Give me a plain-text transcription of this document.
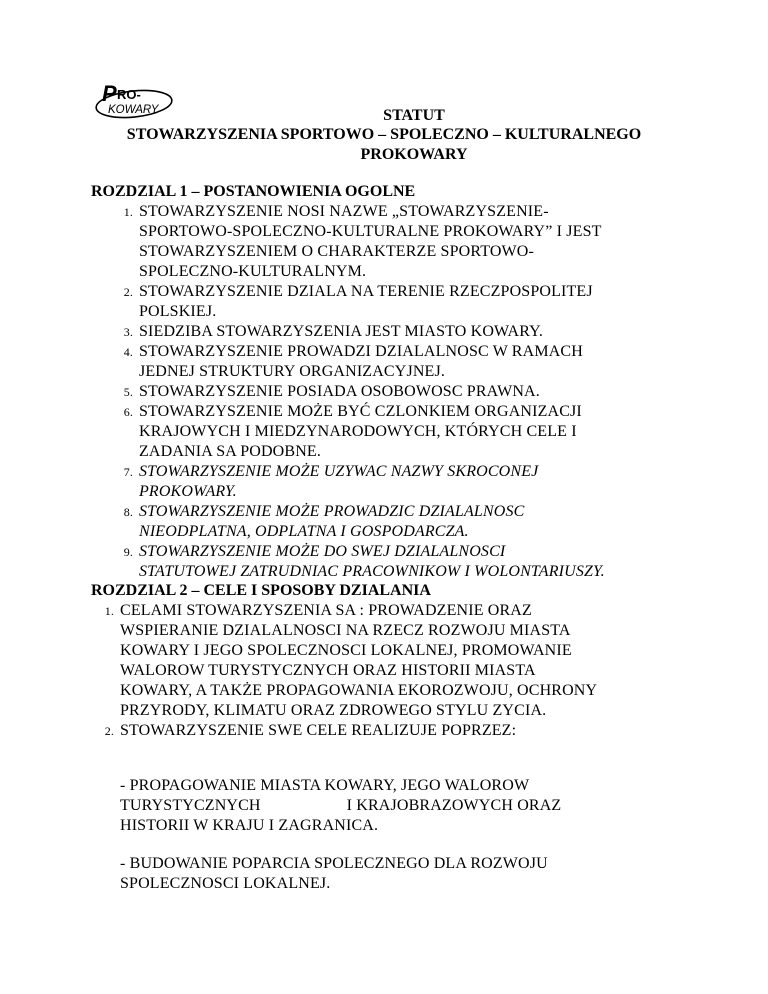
P RO-
KOWARY	STATUT
STOWARZYSZENIA SPORTOWO – SPOLECZNO – KULTURALNEGO
PROKOWARY
ROZDZIAL 1 – POSTANOWIENIA OGOLNE
1. STOWARZYSZENIE NOSI NAZWE „STOWARZYSZENIE-
SPORTOWO-SPOLECZNO-KULTURALNE PROKOWARY” I JEST
STOWARZYSZENIEM O CHARAKTERZE SPORTOWO-
SPOLECZNO-KULTURALNYM.
2. STOWARZYSZENIE DZIALA NA TERENIE RZECZPOSPOLITEJ
POLSKIEJ.
3. SIEDZIBA STOWARZYSZENIA JEST MIASTO KOWARY.
4. STOWARZYSZENIE PROWADZI DZIALALNOSC W RAMACH
JEDNEJ STRUKTURY ORGANIZACYJNEJ.
5. STOWARZYSZENIE POSIADA OSOBOWOSC PRAWNA.
6. STOWARZYSZENIE MOŻE BYĆ CZLONKIEM ORGANIZACJI
KRAJOWYCH I MIEDZYNARODOWYCH, KTÓRYCH CELE I
ZADANIA SA PODOBNE.
7. STOWARZYSZENIE MOŻE UZYWAC NAZWY SKROCONEJ
PROKOWARY.
8. STOWARZYSZENIE MOŻE PROWADZIC DZIALALNOSC
NIEODPLATNA, ODPLATNA I GOSPODARCZA.
9. STOWARZYSZENIE MOŻE DO SWEJ DZIALALNOSCI
STATUTOWEJ ZATRUDNIAC PRACOWNIKOW I WOLONTARIUSZY.
ROZDZIAL 2 – CELE I SPOSOBY DZIALANIA
1. CELAMI STOWARZYSZENIA SA : PROWADZENIE ORAZ
WSPIERANIE DZIALALNOSCI NA RZECZ ROZWOJU MIASTA
KOWARY I JEGO SPOLECZNOSCI LOKALNEJ, PROMOWANIE
WALOROW TURYSTYCZNYCH ORAZ HISTORII MIASTA
KOWARY, A TAKŻE PROPAGOWANIA EKOROZWOJU, OCHRONY
PRZYRODY, KLIMATU ORAZ ZDROWEGO STYLU ZYCIA.
2. STOWARZYSZENIE SWE CELE REALIZUJE POPRZEZ:
- PROPAGOWANIE MIASTA KOWARY, JEGO WALOROW
TURYSTYCZNYCH	I KRAJOBRAZOWYCH ORAZ
HISTORII W KRAJU I ZAGRANICA.
- BUDOWANIE POPARCIA SPOLECZNEGO DLA ROZWOJU
SPOLECZNOSCI LOKALNEJ.
